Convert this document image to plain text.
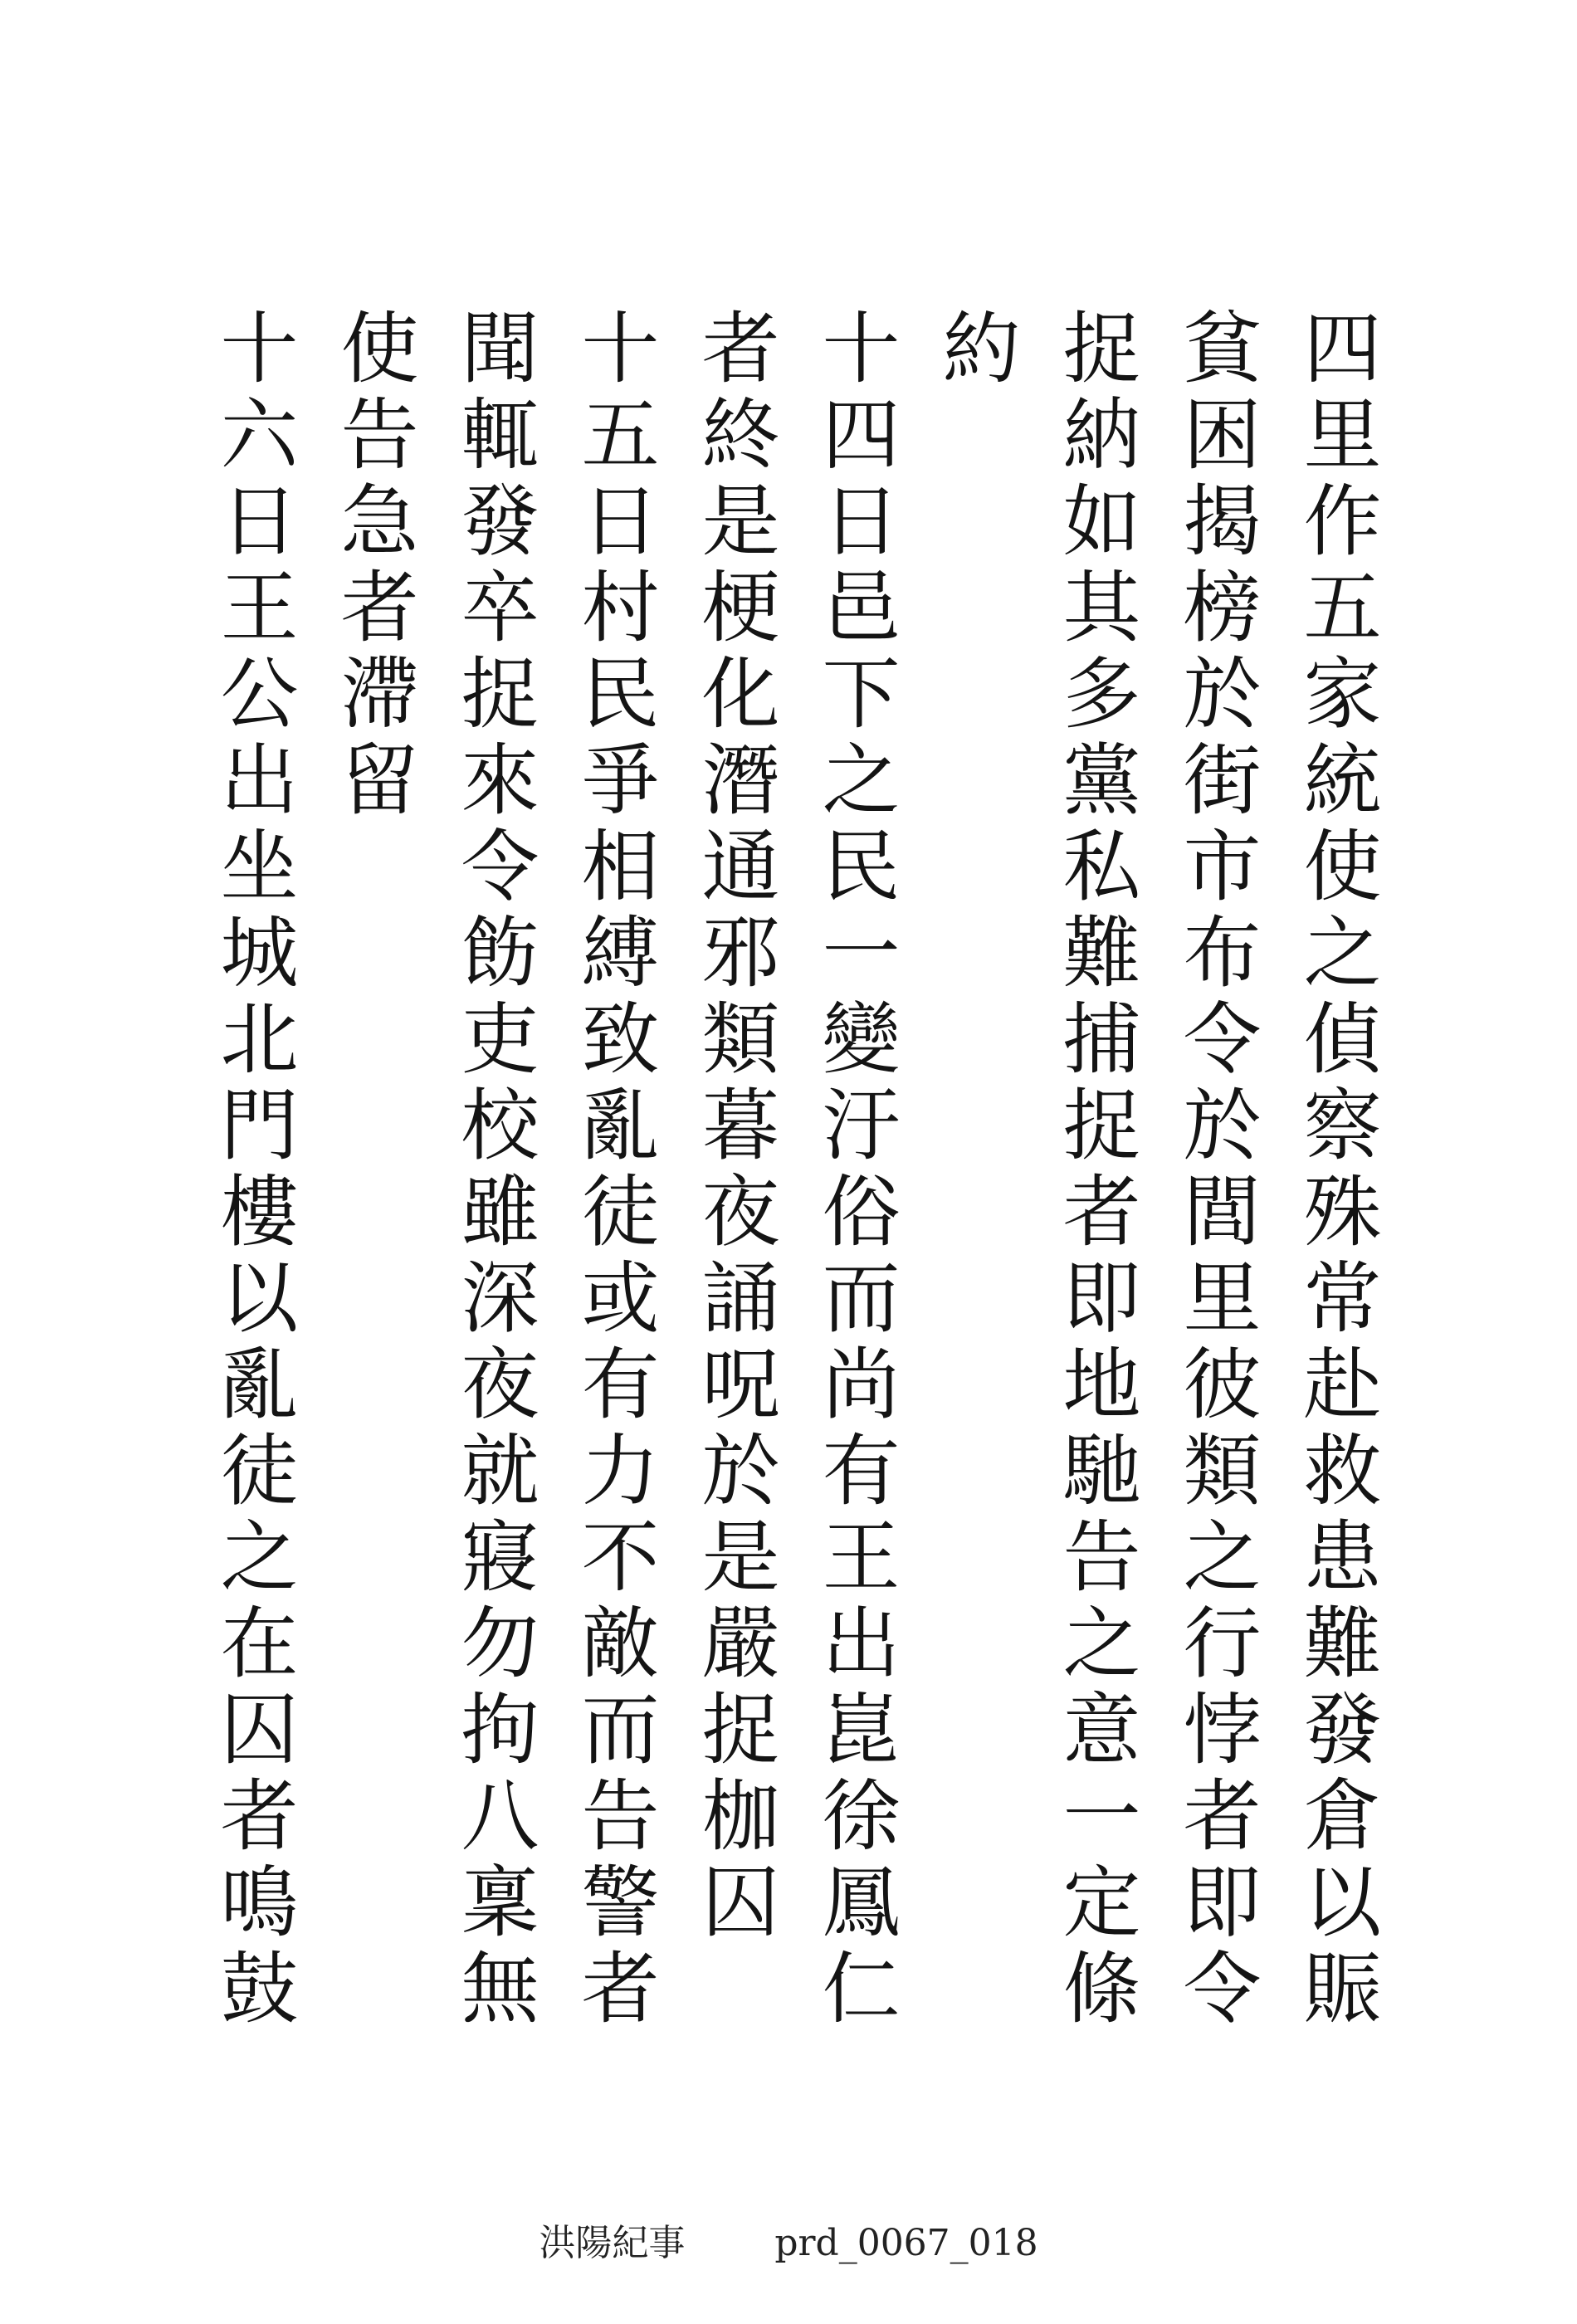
四里作五家統使之偵察殊常赴救患難發倉以賑
貧困揭榜於街市布令於閭里彼類之行悖者即令
捉納如其多黨私難捕捉者即地馳告之意一定條
約
十四日邑下之民一變汙俗而尚有王出崑徐鳳仁
者終是梗化潛通邪類暮夜誦呪於是嚴捉枷囚
十五日村民爭相縛致亂徒或有力不敵而告警者
聞輒發卒捉來令飭吏校雖深夜就寢勿拘八稟無
使告急者滯留
十六日王公出坐城北門樓以亂徒之在囚者鳴鼓
洪陽紀事 prd_0067_018
